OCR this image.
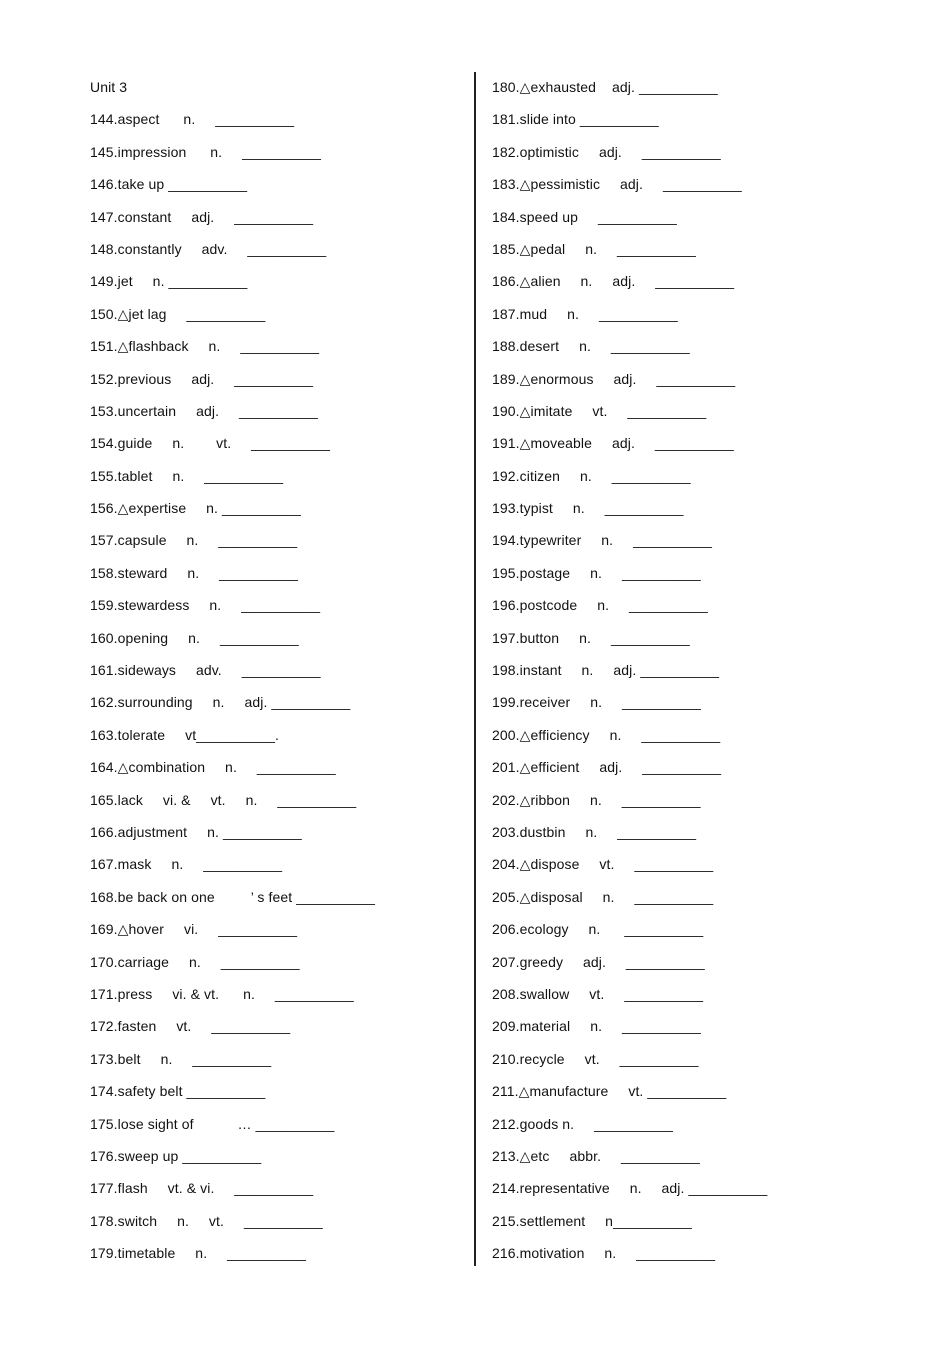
Unit 3
144.aspect      n.     __________
145.impression      n.     __________
146.take up __________
147.constant     adj.     __________
148.constantly     adv.     __________
149.jet     n. __________
150.△jet lag     __________
151.△flashback     n.     __________
152.previous     adj.     __________
153.uncertain     adj.     __________
154.guide     n.        vt.     __________
155.tablet     n.     __________
156.△expertise     n. __________
157.capsule     n.     __________
158.steward     n.     __________
159.stewardess     n.     __________
160.opening     n.     __________
161.sideways     adv.     __________
162.surrounding     n.     adj. __________
163.tolerate     vt__________.
164.△combination     n.     __________
165.lack     vi. &     vt.     n.     __________
166.adjustment     n. __________
167.mask     n.     __________
168.be back on one         ’ s feet __________
169.△hover     vi.     __________
170.carriage     n.     __________
171.press     vi. & vt.      n.     __________
172.fasten     vt.     __________
173.belt     n.     __________
174.safety belt __________
175.lose sight of           … __________
176.sweep up __________
177.flash     vt. & vi.     __________
178.switch     n.     vt.     __________
179.timetable     n.     __________
180.△exhausted    adj. __________
181.slide into __________
182.optimistic     adj.     __________
183.△pessimistic     adj.     __________
184.speed up     __________
185.△pedal     n.     __________
186.△alien     n.     adj.     __________
187.mud     n.     __________
188.desert     n.     __________
189.△enormous     adj.     __________
190.△imitate     vt.     __________
191.△moveable     adj.     __________
192.citizen     n.     __________
193.typist     n.     __________
194.typewriter     n.     __________
195.postage     n.     __________
196.postcode     n.     __________
197.button     n.     __________
198.instant     n.     adj. __________
199.receiver     n.     __________
200.△efficiency     n.     __________
201.△efficient     adj.     __________
202.△ribbon     n.     __________
203.dustbin     n.     __________
204.△dispose     vt.     __________
205.△disposal     n.     __________
206.ecology     n.      __________
207.greedy     adj.     __________
208.swallow     vt.     __________
209.material     n.     __________
210.recycle     vt.     __________
211.△manufacture     vt. __________
212.goods n.     __________
213.△etc     abbr.     __________
214.representative     n.     adj. __________
215.settlement     n__________
216.motivation     n.     __________
